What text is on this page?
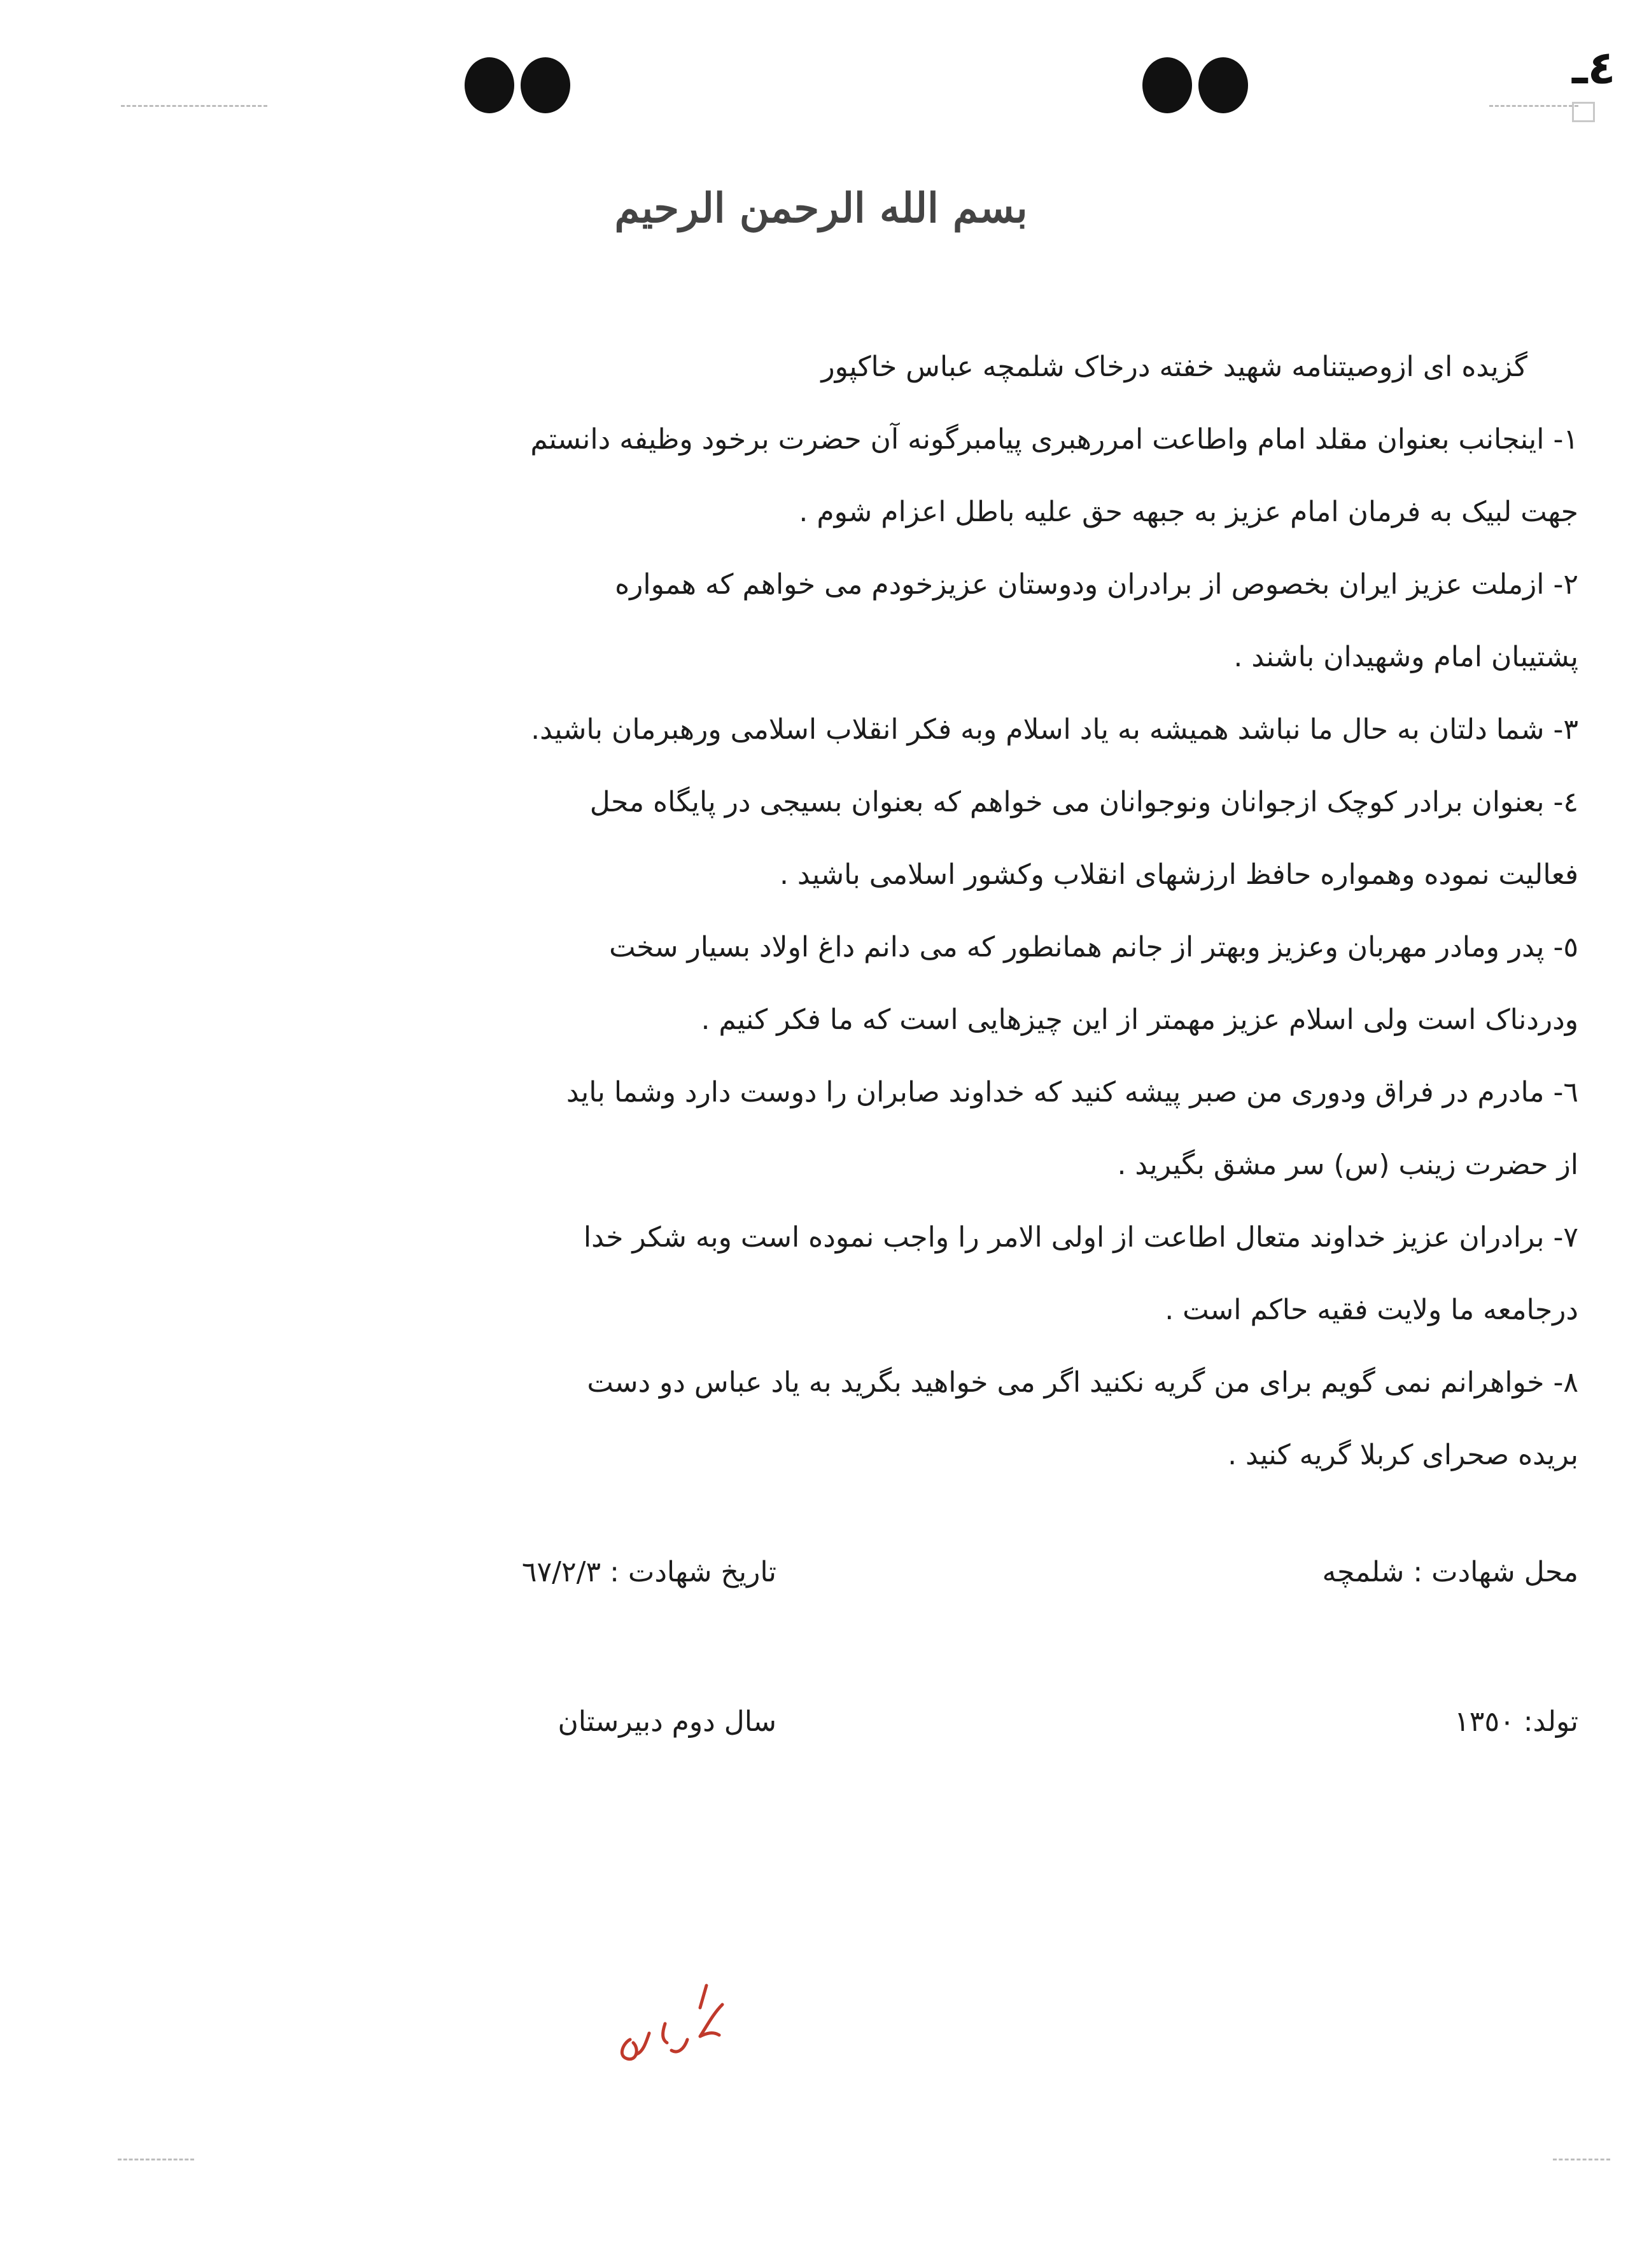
٤ـ
بسم الله الرحمن الرحيم
گزیده ای ازوصیتنامه شهید خفته درخاک شلمچه عباس خاکپور
١- اینجانب بعنوان مقلد امام واطاعت امررهبری پیامبرگونه آن حضرت برخود وظیفه دانستم
جهت لبیک به فرمان امام عزیز به جبهه حق علیه باطل اعزام شوم .
٢- ازملت عزیز ایران بخصوص از برادران ودوستان عزیزخودم می خواهم که همواره
پشتیبان امام وشهیدان باشند .
٣- شما دلتان به حال ما نباشد همیشه به یاد اسلام وبه فکر انقلاب اسلامی ورهبرمان باشید.
٤- بعنوان برادر کوچک ازجوانان ونوجوانان می خواهم که بعنوان بسیجی در پایگاه محل
فعالیت نموده وهمواره حافظ ارزشهای انقلاب وکشور اسلامی باشید .
٥- پدر ومادر مهربان وعزیز وبهتر از جانم همانطور که می دانم داغ اولاد بسیار سخت
ودردناک است ولی اسلام عزیز مهمتر از این چیزهایی است که ما فکر کنیم .
٦- مادرم در فراق ودوری من صبر پیشه کنید که خداوند صابران را دوست دارد وشما باید
از حضرت زینب (س) سر مشق بگیرید .
٧- برادران عزیز خداوند متعال اطاعت از اولی الامر را واجب نموده است وبه شکر خدا
درجامعه ما ولایت فقیه حاکم است .
٨- خواهرانم نمی گویم برای من گریه نکنید اگر می خواهید بگرید به یاد عباس دو دست
بریده صحرای کربلا گریه کنید .
محل شهادت : شلمچه
تاریخ شهادت : ٦٧/٢/٣
تولد: ١٣٥٠
سال دوم دبیرستان
